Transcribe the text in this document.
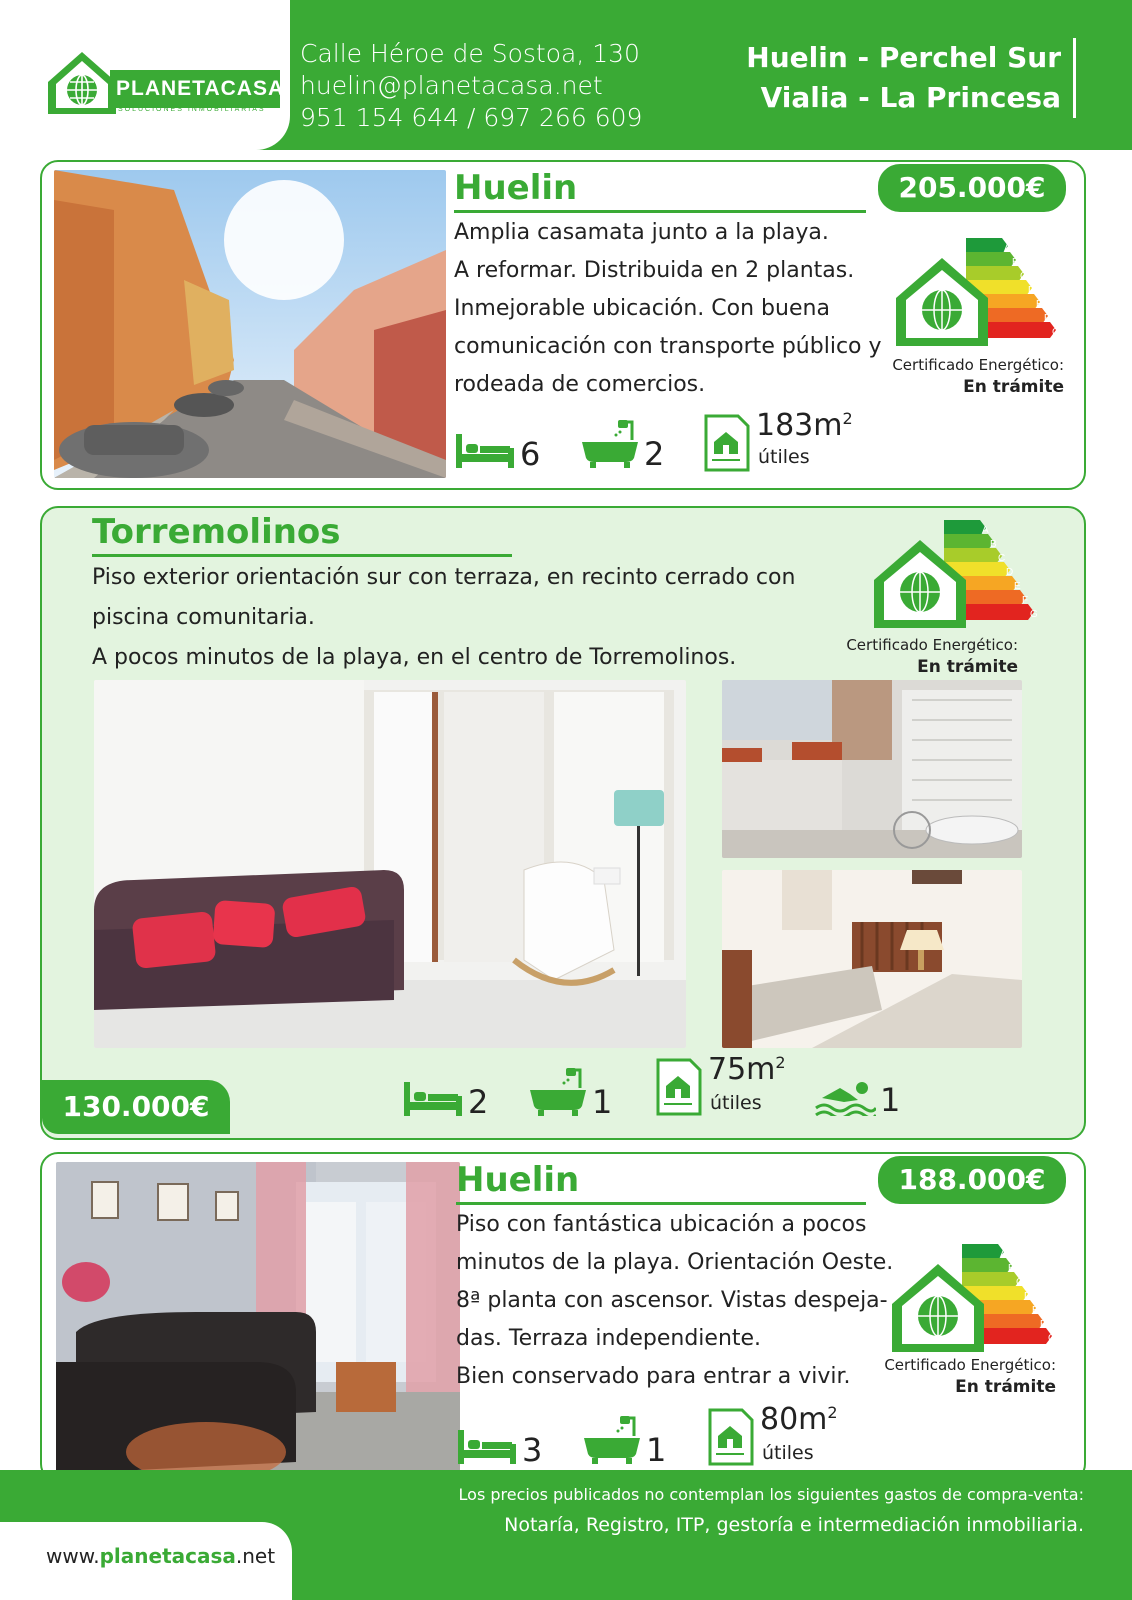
PLANETACASA
SOLUCIONES INMOBILIARIAS
Calle Héroe de Sostoa, 130
huelin@planetacasa.net
951 154 644 / 697 266 609
Huelin - Perchel Sur
Vialia - La Princesa
Huelin
Amplia casamata junto a la playa.
A reformar. Distribuida en 2 plantas.
Inmejorable ubicación. Con buena
comunicación con transporte público y
rodeada de comercios.
205.000€
6	2
$183m^2$
útiles
A
B
C
D
E
F
G
Certificado Energético:
En trámite
Torremolinos
Piso exterior orientación sur con terraza, en recinto cerrado con
piscina comunitaria.
A pocos minutos de la playa, en el centro de Torremolinos.
A
B
C
D
E
F
G
Certificado Energético:
En trámite
130.000€	2	1
$75m^2$
útiles	1
Huelin
Piso con fantástica ubicación a pocos
minutos de la playa. Orientación Oeste.
8ª planta con ascensor. Vistas despeja-
das. Terraza independiente.
Bien conservado para entrar a vivir.
188.000€
3	1
$80m^2$
útiles
A
B
C
D
E
F
G
Certificado Energético:
En trámite
www.planetacasa.net
Los precios publicados no contemplan los siguientes gastos de compra-venta:
Notaría, Registro, ITP, gestoría e intermediación inmobiliaria.
